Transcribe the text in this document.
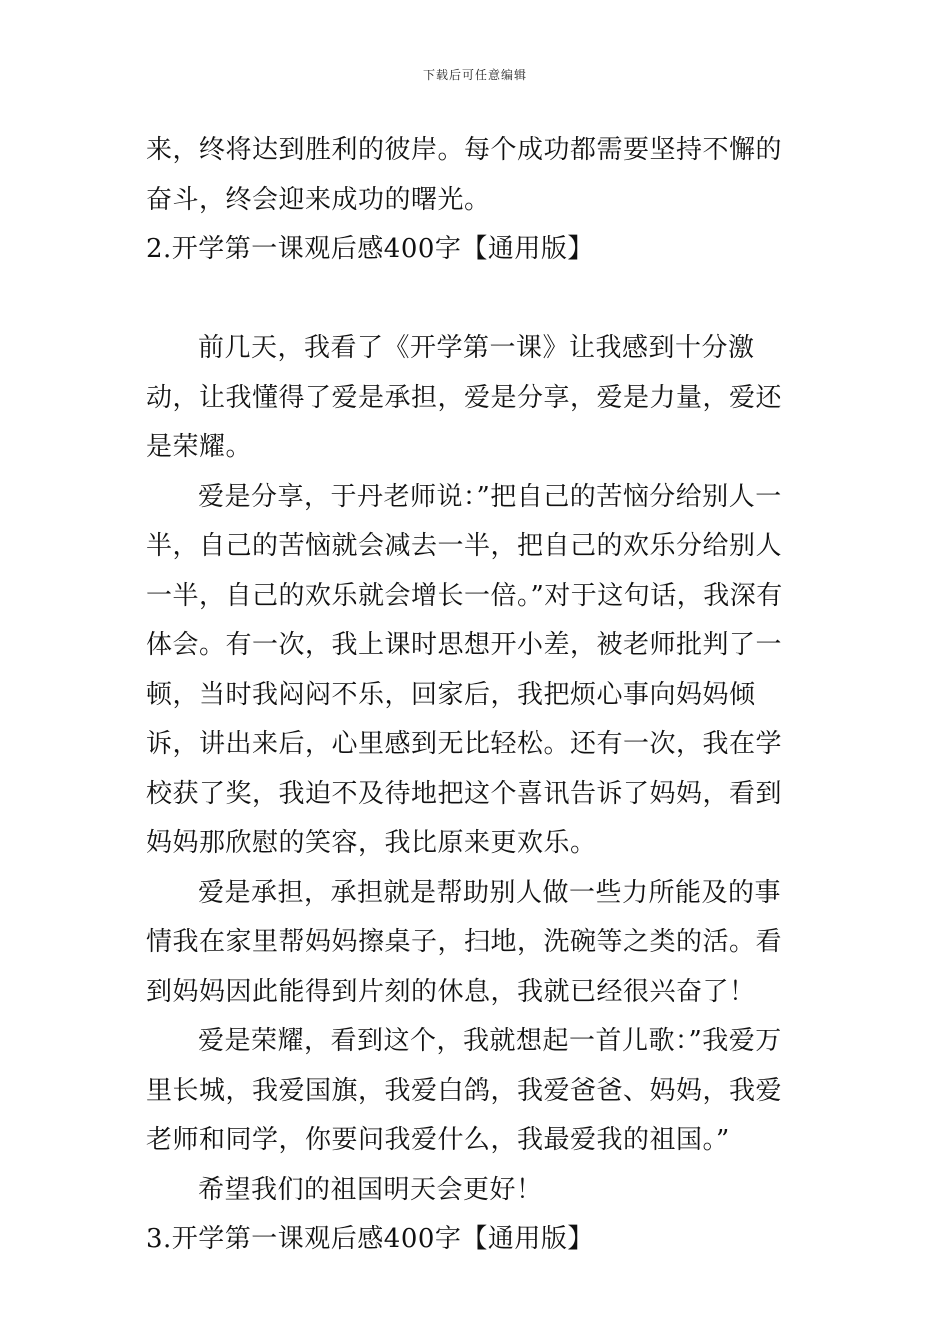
下载后可任意编辑

来，终将达到胜利的彼岸。每个成功都需要坚持不懈的奋斗，终会迎来成功的曙光。

2.开学第一课观后感400字【通用版】

前几天，我看了《开学第一课》让我感到十分激动，让我懂得了爱是承担，爱是分享，爱是力量，爱还是荣耀。

爱是分享，于丹老师说：”把自己的苦恼分给别人一半，自己的苦恼就会减去一半，把自己的欢乐分给别人一半，自己的欢乐就会增长一倍。”对于这句话，我深有体会。有一次，我上课时思想开小差，被老师批判了一顿，当时我闷闷不乐，回家后，我把烦心事向妈妈倾诉，讲出来后，心里感到无比轻松。还有一次，我在学校获了奖，我迫不及待地把这个喜讯告诉了妈妈，看到妈妈那欣慰的笑容，我比原来更欢乐。

爱是承担，承担就是帮助别人做一些力所能及的事情我在家里帮妈妈擦桌子，扫地，洗碗等之类的活。看到妈妈因此能得到片刻的休息，我就已经很兴奋了！

爱是荣耀，看到这个，我就想起一首儿歌：”我爱万里长城，我爱国旗，我爱白鸽，我爱爸爸、妈妈，我爱老师和同学，你要问我爱什么，我最爱我的祖国。”

希望我们的祖国明天会更好！

3.开学第一课观后感400字【通用版】
